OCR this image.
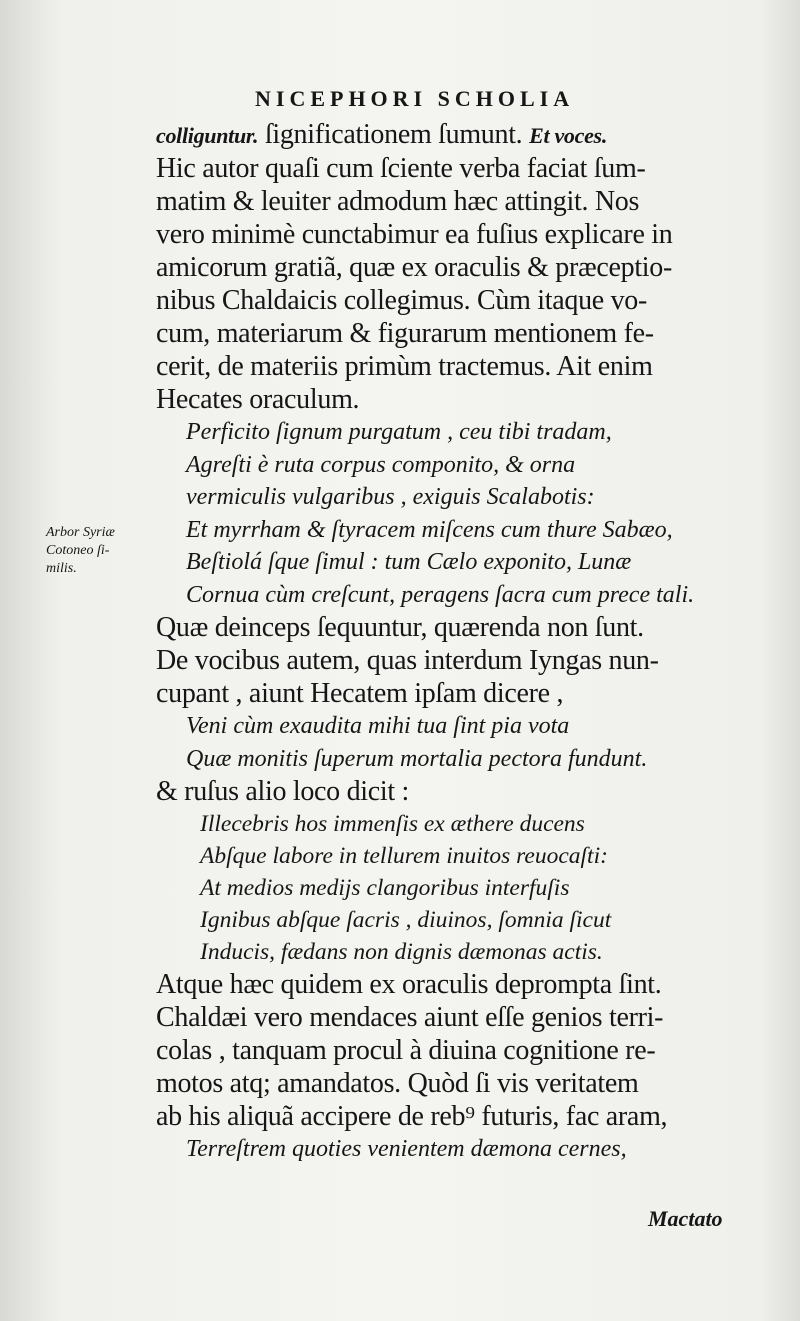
NICEPHORI SCHOLIA
Arbor Syriæ
Cotoneo ſi-
milis.
colliguntur. ſignificationem ſumunt. Et voces.
Hic autor quaſi cum ſciente verba faciat ſum-
matim & leuiter admodum hæc attingit. Nos
vero minimè cunctabimur ea fuſius explicare in
amicorum gratiã, quæ ex oraculis & præceptio-
nibus Chaldaicis collegimus. Cùm itaque vo-
cum, materiarum & figurarum mentionem fe-
cerit, de materiis primùm tractemus. Ait enim
Hecates oraculum.
Perficito ſignum purgatum , ceu tibi tradam,
Agreſti è ruta corpus componito, & orna
vermiculis vulgaribus , exiguis Scalabotis:
Et myrrham & ſtyracem miſcens cum thure Sabæo,
Beſtiolá ſque ſimul : tum Cælo exponito, Lunæ
Cornua cùm creſcunt, peragens ſacra cum prece tali.
Quæ deinceps ſequuntur, quærenda non ſunt.
De vocibus autem, quas interdum Iyngas nun-
cupant , aiunt Hecatem ipſam dicere ,
Veni cùm exaudita mihi tua ſint pia vota
Quæ monitis ſuperum mortalia pectora fundunt.
& ruſus alio loco dicit :
Illecebris hos immenſis ex æthere ducens
Abſque labore in tellurem inuitos reuocaſti:
At medios medijs clangoribus interfuſis
Ignibus abſque ſacris , diuinos, ſomnia ſicut
Inducis, fædans non dignis dæmonas actis.
Atque hæc quidem ex oraculis deprompta ſint.
Chaldæi vero mendaces aiunt eſſe genios terri-
colas , tanquam procul à diuina cognitione re-
motos atq; amandatos. Quòd ſi vis veritatem
ab his aliquã accipere de reb⁹ futuris, fac aram,
Terreſtrem quoties venientem dæmona cernes,
Mactato
